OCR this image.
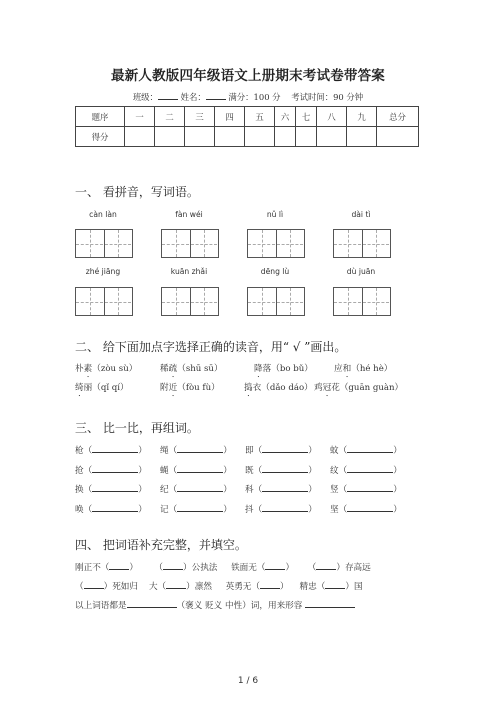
最新人教版四年级语文上册期末考试卷带答案
班级：	姓名：	满分：100 分 考试时间：90 分钟
题序	一	二	三	四	五	六	七	八	九	总分
得分										
一、 看拼音，写词语。
càn làn	fàn wéi	nǔ lì	dài tì
zhé jiāng	kuān zhǎi	dēng lù	dù juān
二、 给下面加点字选择正确的读音，用“ √ ”画出。
朴素（zòu sù）	稀疏（shū sū）	降落（bo bǔ） 应和（hé hè）
绮丽（qǐ qí）	附近（fòu fù）	捣衣（dǎo dáo） 鸡冠花（guān guàn）
三、 比一比，再组词。
枪（	） 绳（	） 即（	） 蚊（	）
抢（	） 蝇（	） 既（	） 纹（	）
换（	） 纪（	） 科（	） 竖（	）
唤（	） 记（	） 抖（	） 坚（	）
四、 把词语补充完整，并填空。
刚正不（ ） （ ）公执法 铁面无（ ） （ ）存高远
（ ）死如归 大（ ）凛然 英勇无（ ） 精忠（ ）国
以上词语都是	（褒义 贬义 中性）词，用来形容
1 / 6
